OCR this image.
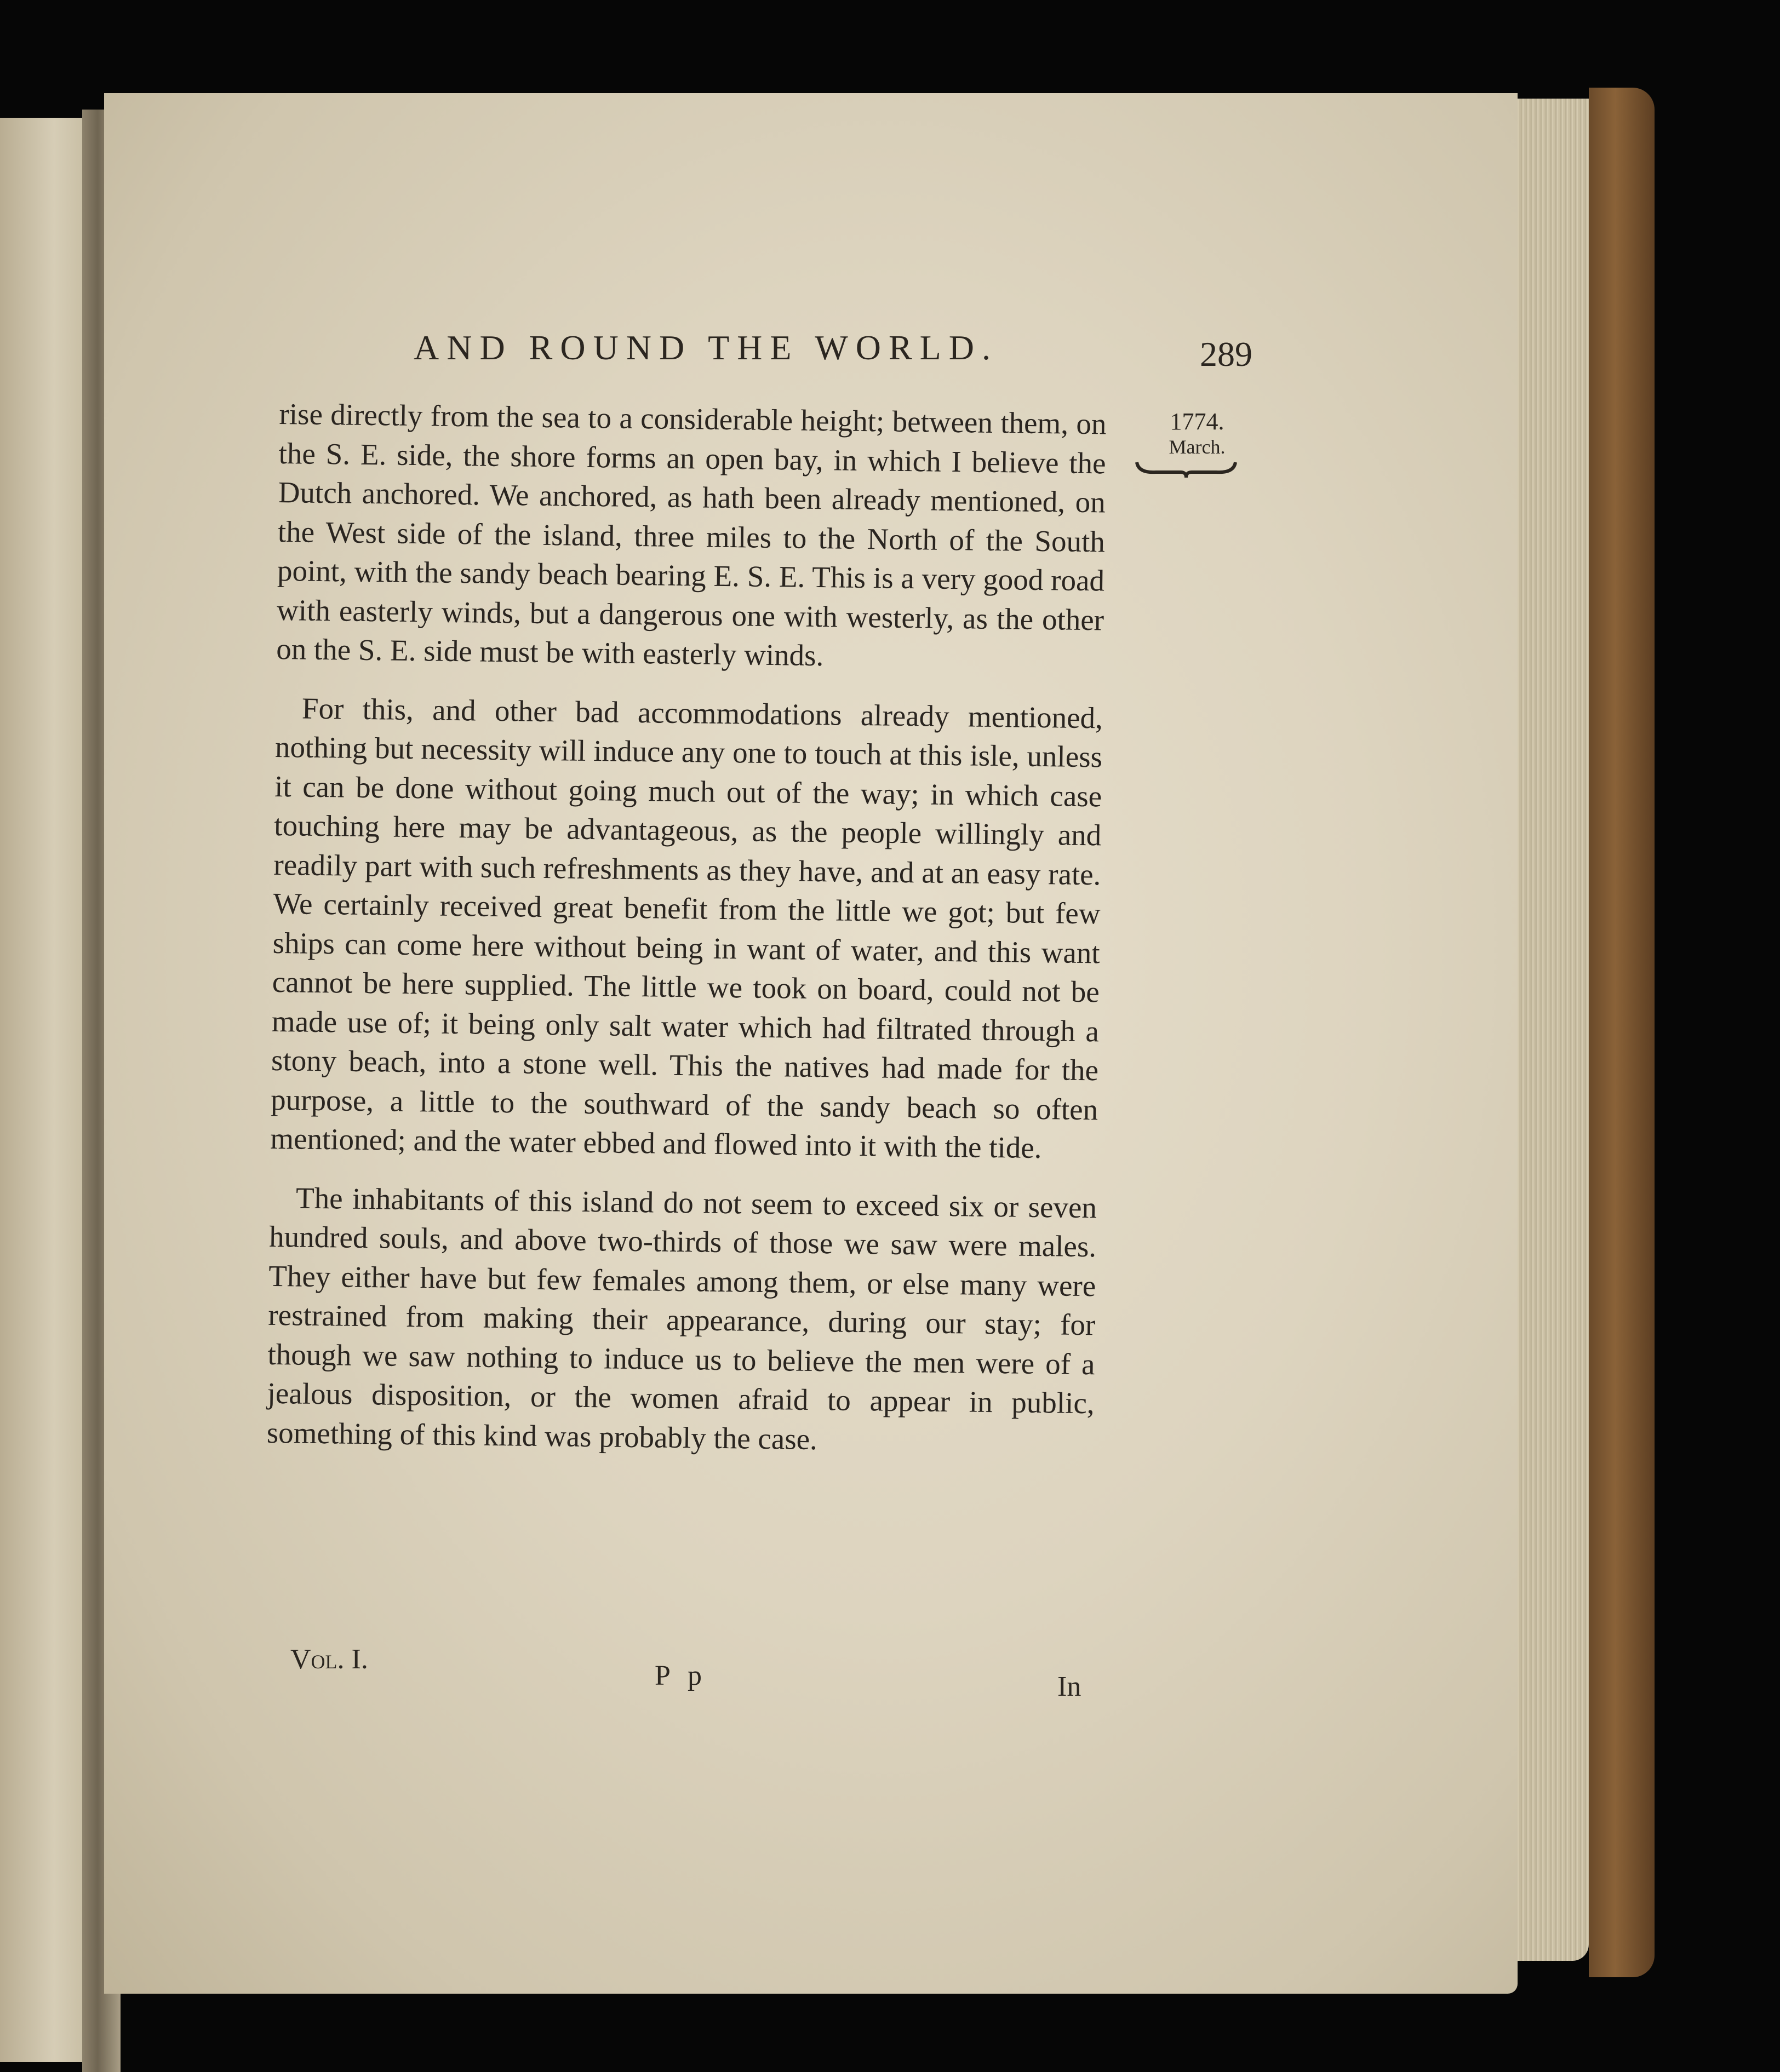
AND ROUND THE WORLD.	289
1774.
March.

rise directly from the sea to a considerable height; between them, on the S. E. side, the shore forms an open bay, in which I believe the Dutch anchored. We anchored, as hath been already mentioned, on the West side of the island, three miles to the North of the South point, with the sandy beach bearing E. S. E. This is a very good road with easterly winds, but a dangerous one with westerly, as the other on the S. E. side must be with easterly winds.

For this, and other bad accommodations already mentioned, nothing but necessity will induce any one to touch at this isle, unless it can be done without going much out of the way; in which case touching here may be advantageous, as the people willingly and readily part with such refreshments as they have, and at an easy rate. We certainly received great benefit from the little we got; but few ships can come here without being in want of water, and this want cannot be here supplied. The little we took on board, could not be made use of; it being only salt water which had filtrated through a stony beach, into a stone well. This the natives had made for the purpose, a little to the southward of the sandy beach so often mentioned; and the water ebbed and flowed into it with the tide.

The inhabitants of this island do not seem to exceed six or seven hundred souls, and above two-thirds of those we saw were males. They either have but few females among them, or else many were restrained from making their appearance, during our stay; for though we saw nothing to induce us to believe the men were of a jealous disposition, or the women afraid to appear in public, something of this kind was probably the case.

Vol. I.
P p	In
